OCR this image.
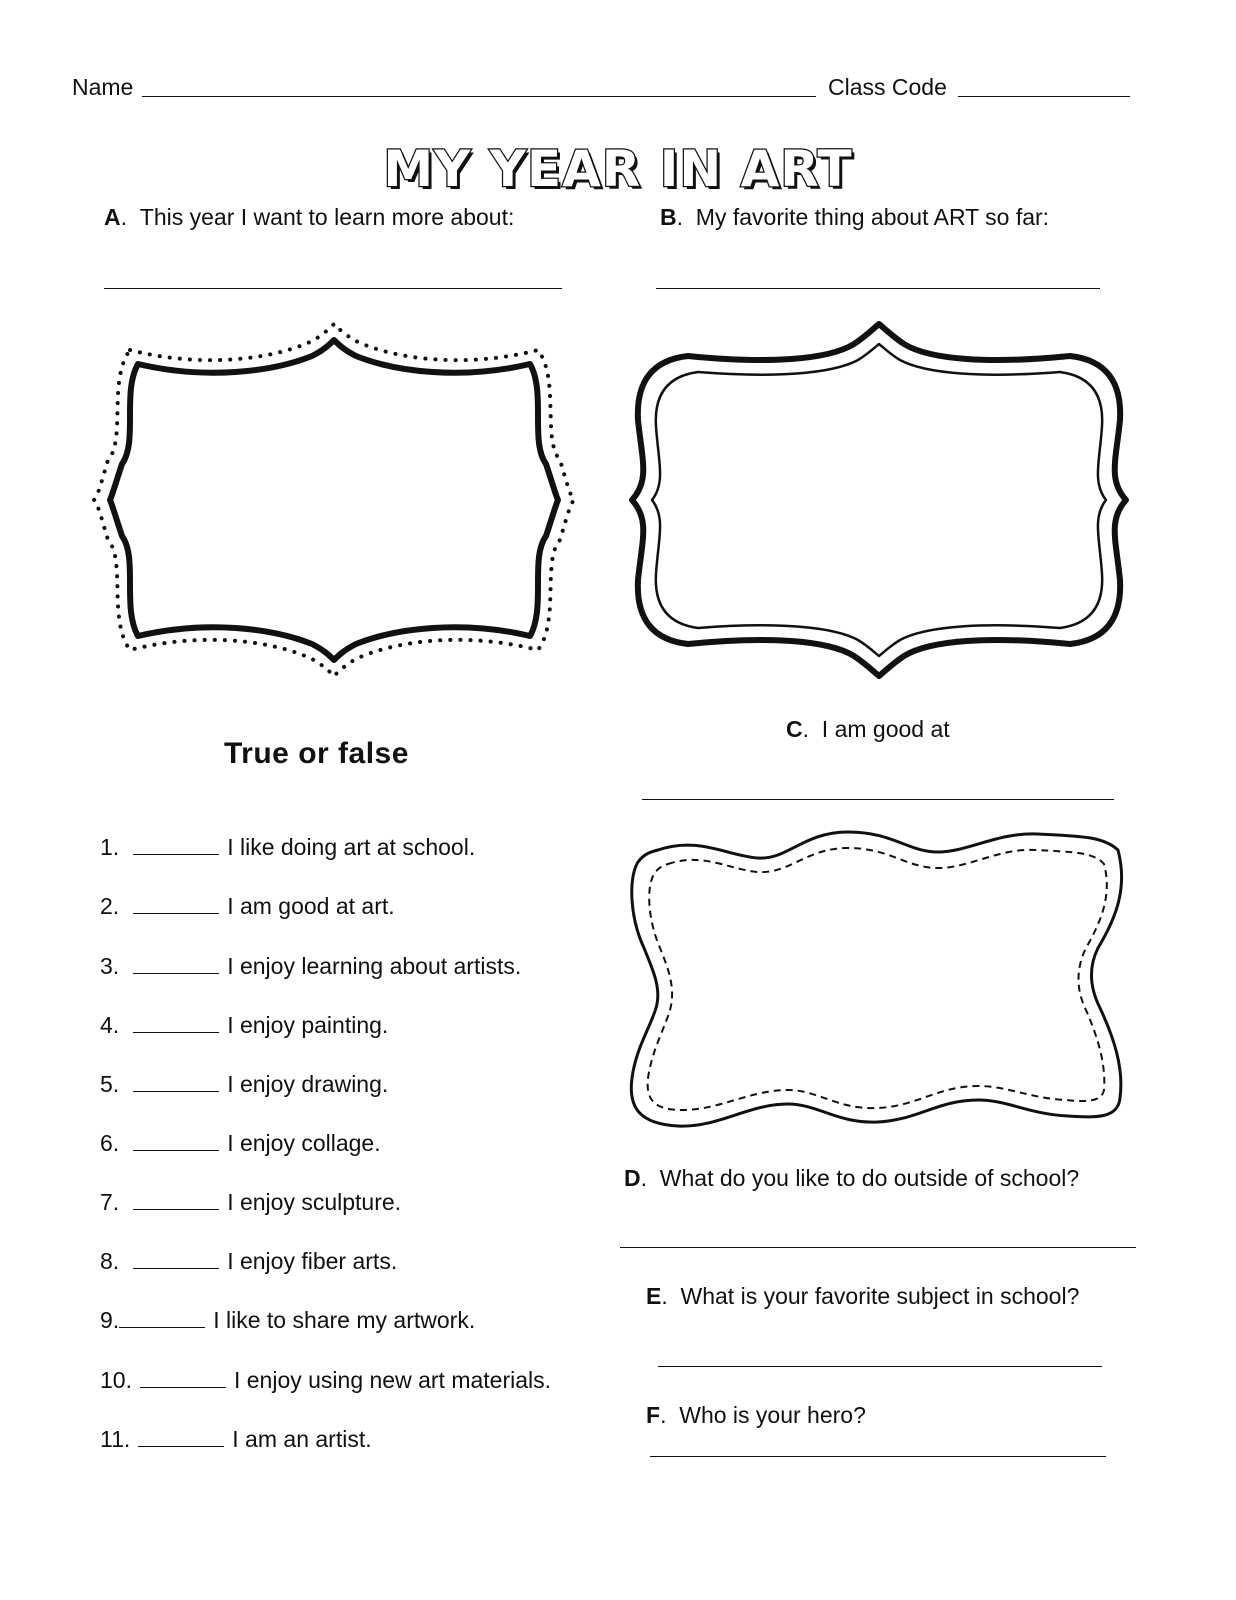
Name	Class Code
MY YEAR IN ART
A.  This year I want to learn more about:	B.  My favorite thing about ART so far:
True or false
1.	I like doing art at school.
2.	I am good at art.
3.	I enjoy learning about artists.
4.	I enjoy painting.
5.	I enjoy drawing.
6.	I enjoy collage.
7.	I enjoy sculpture.
8.	I enjoy fiber arts.
9.	I like to share my artwork.
10.	I enjoy using new art materials.
11.	I am an artist.
C.  I am good at
D.  What do you like to do outside of school?
E.  What is your favorite subject in school?
F.  Who is your hero?
